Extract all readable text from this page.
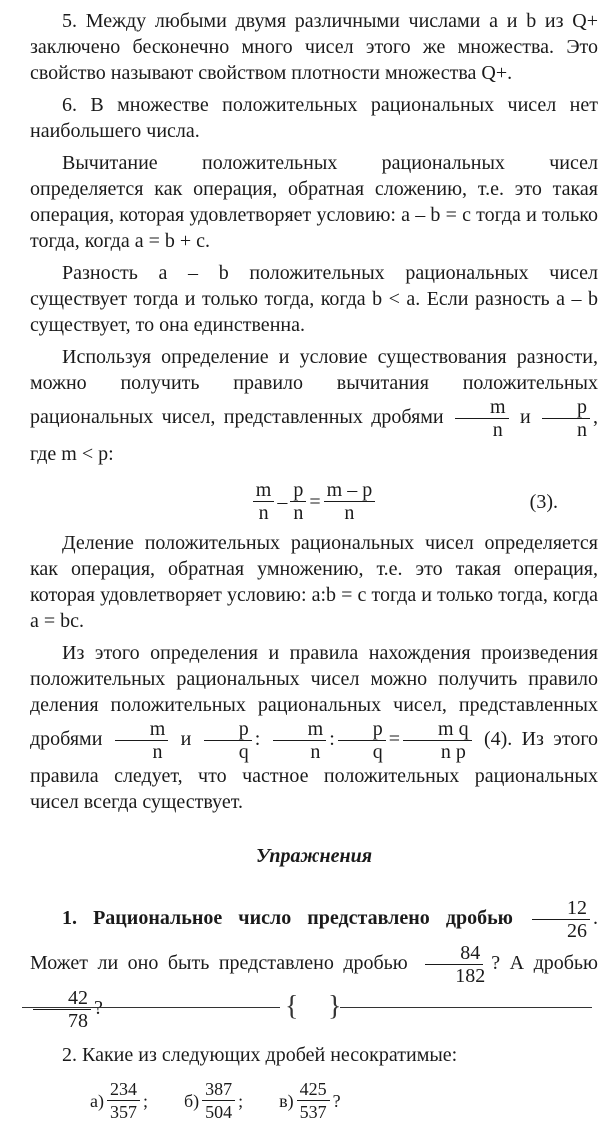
5. Между любыми двумя различными числами a и b из Q+ заключено бесконечно много чисел этого же множества. Это свойство называют свойством плотности множества Q+.

6. В множестве положительных рациональных чисел нет наибольшего числа.

Вычитание положительных рациональных чисел определяется как операция, обратная сложению, т.е. это такая операция, которая удовлетворяет условию: a – b = c тогда и только тогда, когда a = b + c.

Разность a – b положительных рациональных чисел существует тогда и только тогда, когда b < a. Если разность a – b существует, то она единственна.

Используя определение и условие существования разности, можно получить правило вычитания положительных рациональных чисел, представленных дробями $\frac{m}{n}$ и $\frac{p}{n}$ , где m < p:

$\frac{m}{n} - \frac{p}{n} = \frac{m - p}{n}$	(3).

Деление положительных рациональных чисел определяется как операция, обратная умножению, т.е. это такая операция, которая удовлетворяет условию: a:b = c тогда и только тогда, когда a = bc.

Из этого определения и правила нахождения произведения положительных рациональных чисел можно получить правило деления положительных рациональных чисел, представленных дробями $\frac{m}{n}$ и $\frac{p}{q}$ : $\frac{m}{n}$ : $\frac{p}{q} = \frac{\text{m q}}{\text{n p}} (4)$. Из этого правила следует, что частное положительных рациональных чисел всегда существует.

Упражнения

1. Рациональное число представлено дробью $\frac{12}{26}$ . Может ли оно быть представлено дробью $\frac{84}{182}$ ? А дробью
$\frac{42}{78}$ ?

2. Какие из следующих дробей несократимые:

$а) \frac{234}{357}$ ; $б) \frac{387}{504}$ ; $в) \frac{425}{537}$ ?
{ }
